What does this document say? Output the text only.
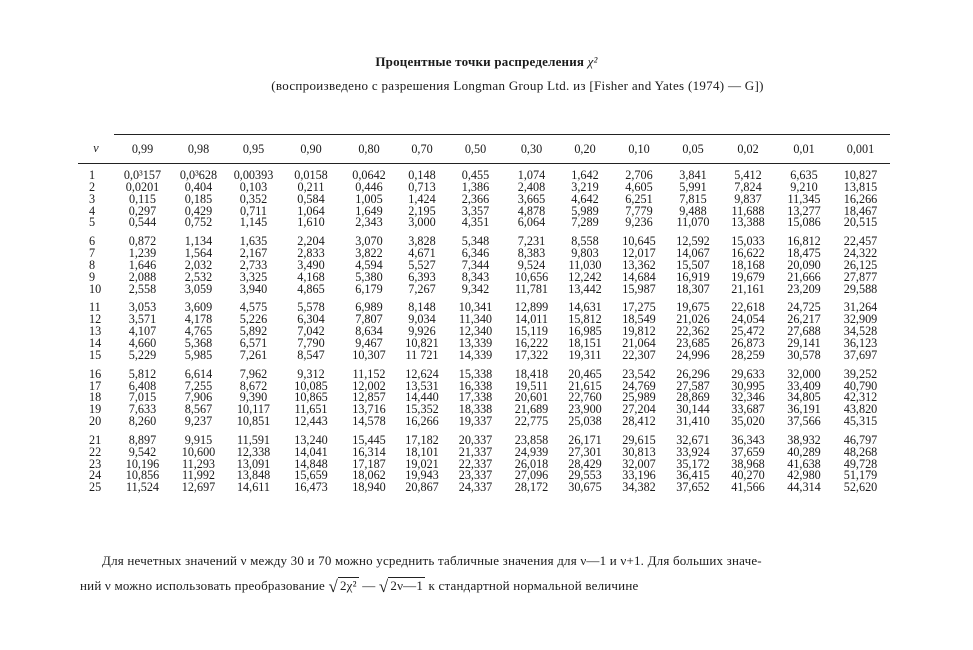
Процентные точки распределения χ²
(воспроизведено с разрешения Longman Group Ltd. из [Fisher and Yates (1974) — G])
ν	0,99	0,98	0,95	0,90	0,80	0,70	0,50	0,30	0,20	0,10	0,05	0,02	0,01	0,001
1	0,0³157	0,0³628	0,00393	0,0158	0,0642	0,148	0,455	1,074	1,642	2,706	3,841	5,412	6,635	10,827
2	0,0201	0,404	0,103	0,211	0,446	0,713	1,386	2,408	3,219	4,605	5,991	7,824	9,210	13,815
3	0,115	0,185	0,352	0,584	1,005	1,424	2,366	3,665	4,642	6,251	7,815	9,837	11,345	16,266
4	0,297	0,429	0,711	1,064	1,649	2,195	3,357	4,878	5,989	7,779	9,488	11,688	13,277	18,467
5	0,544	0,752	1,145	1,610	2,343	3,000	4,351	6,064	7,289	9,236	11,070	13,388	15,086	20,515
6	0,872	1,134	1,635	2,204	3,070	3,828	5,348	7,231	8,558	10,645	12,592	15,033	16,812	22,457
7	1,239	1,564	2,167	2,833	3,822	4,671	6,346	8,383	9,803	12,017	14,067	16,622	18,475	24,322
8	1,646	2,032	2,733	3,490	4,594	5,527	7,344	9,524	11,030	13,362	15,507	18,168	20,090	26,125
9	2,088	2,532	3,325	4,168	5,380	6,393	8,343	10,656	12,242	14,684	16,919	19,679	21,666	27,877
10	2,558	3,059	3,940	4,865	6,179	7,267	9,342	11,781	13,442	15,987	18,307	21,161	23,209	29,588
11	3,053	3,609	4,575	5,578	6,989	8,148	10,341	12,899	14,631	17,275	19,675	22,618	24,725	31,264
12	3,571	4,178	5,226	6,304	7,807	9,034	11,340	14,011	15,812	18,549	21,026	24,054	26,217	32,909
13	4,107	4,765	5,892	7,042	8,634	9,926	12,340	15,119	16,985	19,812	22,362	25,472	27,688	34,528
14	4,660	5,368	6,571	7,790	9,467	10,821	13,339	16,222	18,151	21,064	23,685	26,873	29,141	36,123
15	5,229	5,985	7,261	8,547	10,307	11 721	14,339	17,322	19,311	22,307	24,996	28,259	30,578	37,697
16	5,812	6,614	7,962	9,312	11,152	12,624	15,338	18,418	20,465	23,542	26,296	29,633	32,000	39,252
17	6,408	7,255	8,672	10,085	12,002	13,531	16,338	19,511	21,615	24,769	27,587	30,995	33,409	40,790
18	7,015	7,906	9,390	10,865	12,857	14,440	17,338	20,601	22,760	25,989	28,869	32,346	34,805	42,312
19	7,633	8,567	10,117	11,651	13,716	15,352	18,338	21,689	23,900	27,204	30,144	33,687	36,191	43,820
20	8,260	9,237	10,851	12,443	14,578	16,266	19,337	22,775	25,038	28,412	31,410	35,020	37,566	45,315
21	8,897	9,915	11,591	13,240	15,445	17,182	20,337	23,858	26,171	29,615	32,671	36,343	38,932	46,797
22	9,542	10,600	12,338	14,041	16,314	18,101	21,337	24,939	27,301	30,813	33,924	37,659	40,289	48,268
23	10,196	11,293	13,091	14,848	17,187	19,021	22,337	26,018	28,429	32,007	35,172	38,968	41,638	49,728
24	10,856	11,992	13,848	15,659	18,062	19,943	23,337	27,096	29,553	33,196	36,415	40,270	42,980	51,179
25	11,524	12,697	14,611	16,473	18,940	20,867	24,337	28,172	30,675	34,382	37,652	41,566	44,314	52,620
Для нечетных значений ν между 30 и 70 можно усреднить табличные значения для ν—1 и ν+1. Для больших значе-
ний ν можно использовать преобразование √ 2χ² — √ 2ν—1 к стандартной нормальной величине
